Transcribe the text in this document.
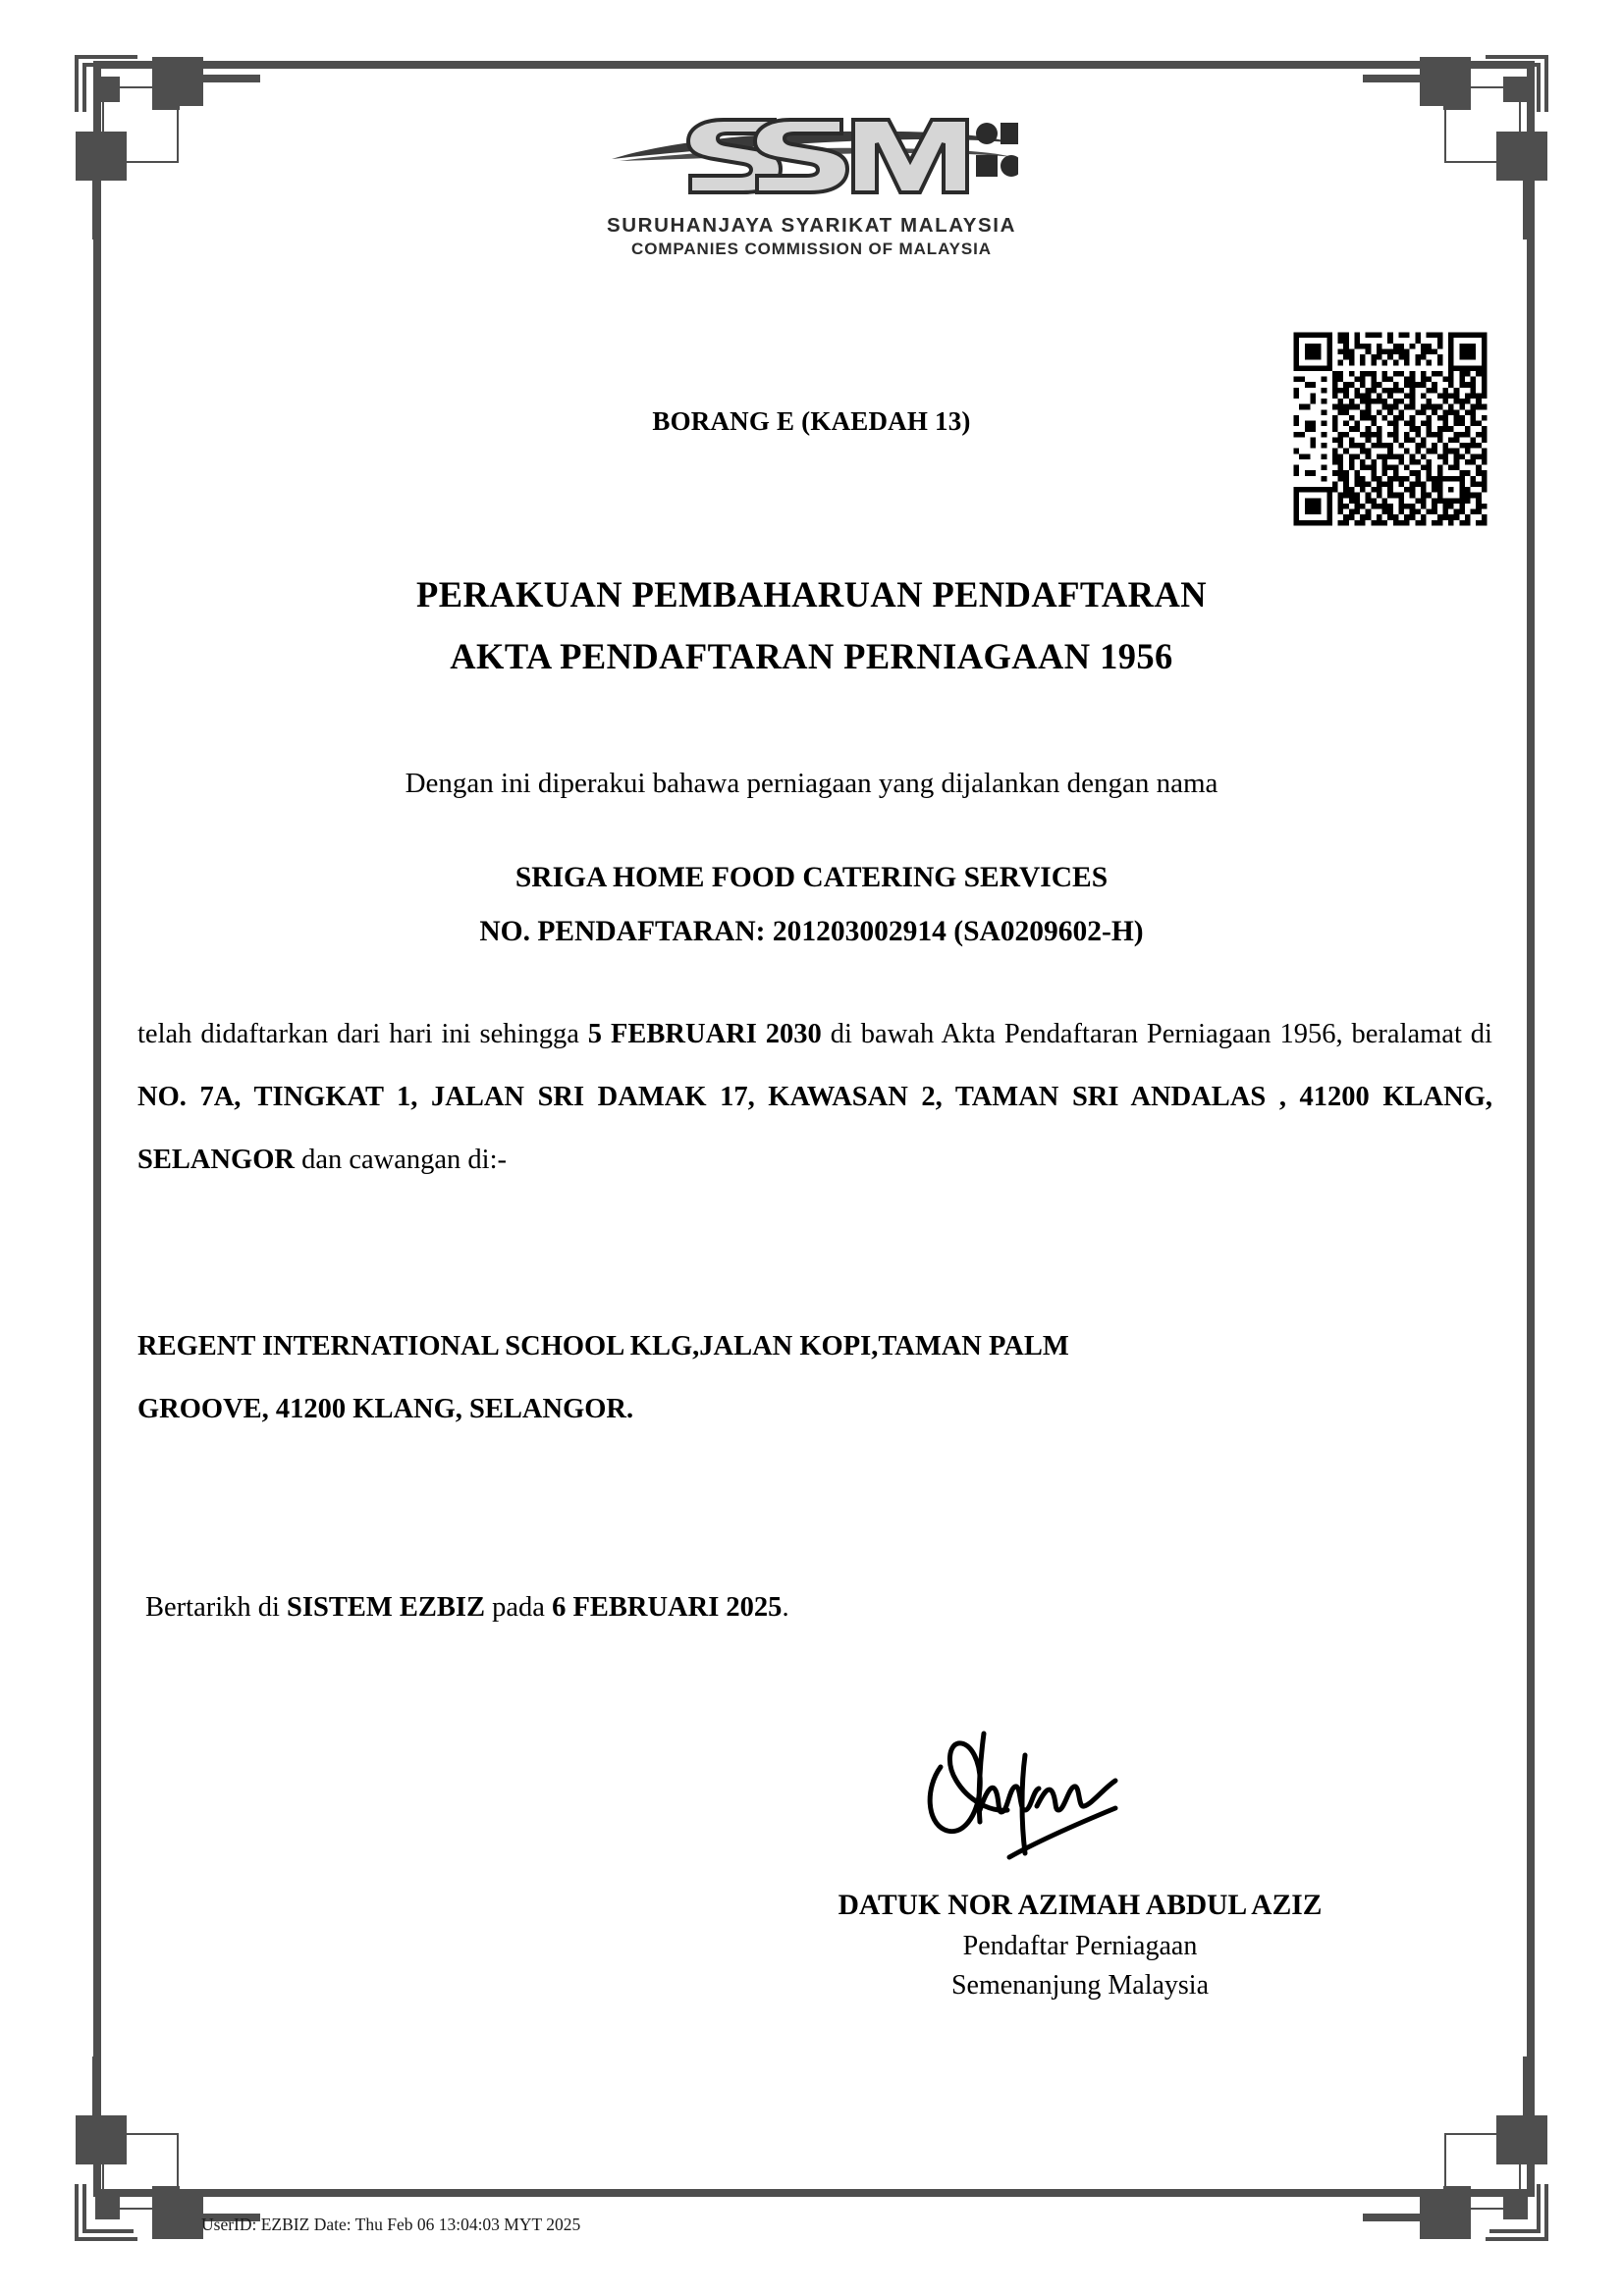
SURUHANJAYA SYARIKAT MALAYSIA
COMPANIES COMMISSION OF MALAYSIA
BORANG E (KAEDAH 13)
PERAKUAN PEMBAHARUAN PENDAFTARAN
AKTA PENDAFTARAN PERNIAGAAN 1956
Dengan ini diperakui bahawa perniagaan yang dijalankan dengan nama
SRIGA HOME FOOD CATERING SERVICES
NO. PENDAFTARAN: 201203002914 (SA0209602-H)
telah didaftarkan dari hari ini sehingga 5 FEBRUARI 2030 di bawah Akta Pendaftaran Perniagaan 1956, beralamat di NO. 7A, TINGKAT 1, JALAN SRI DAMAK 17, KAWASAN 2, TAMAN SRI ANDALAS , 41200 KLANG, SELANGOR dan cawangan di:-
REGENT INTERNATIONAL SCHOOL KLG,JALAN KOPI,TAMAN PALM
GROOVE, 41200 KLANG, SELANGOR.
Bertarikh di SISTEM EZBIZ pada 6 FEBRUARI 2025.
DATUK NOR AZIMAH ABDUL AZIZ
Pendaftar Perniagaan
Semenanjung Malaysia
UserID: EZBIZ Date: Thu Feb 06 13:04:03 MYT 2025
